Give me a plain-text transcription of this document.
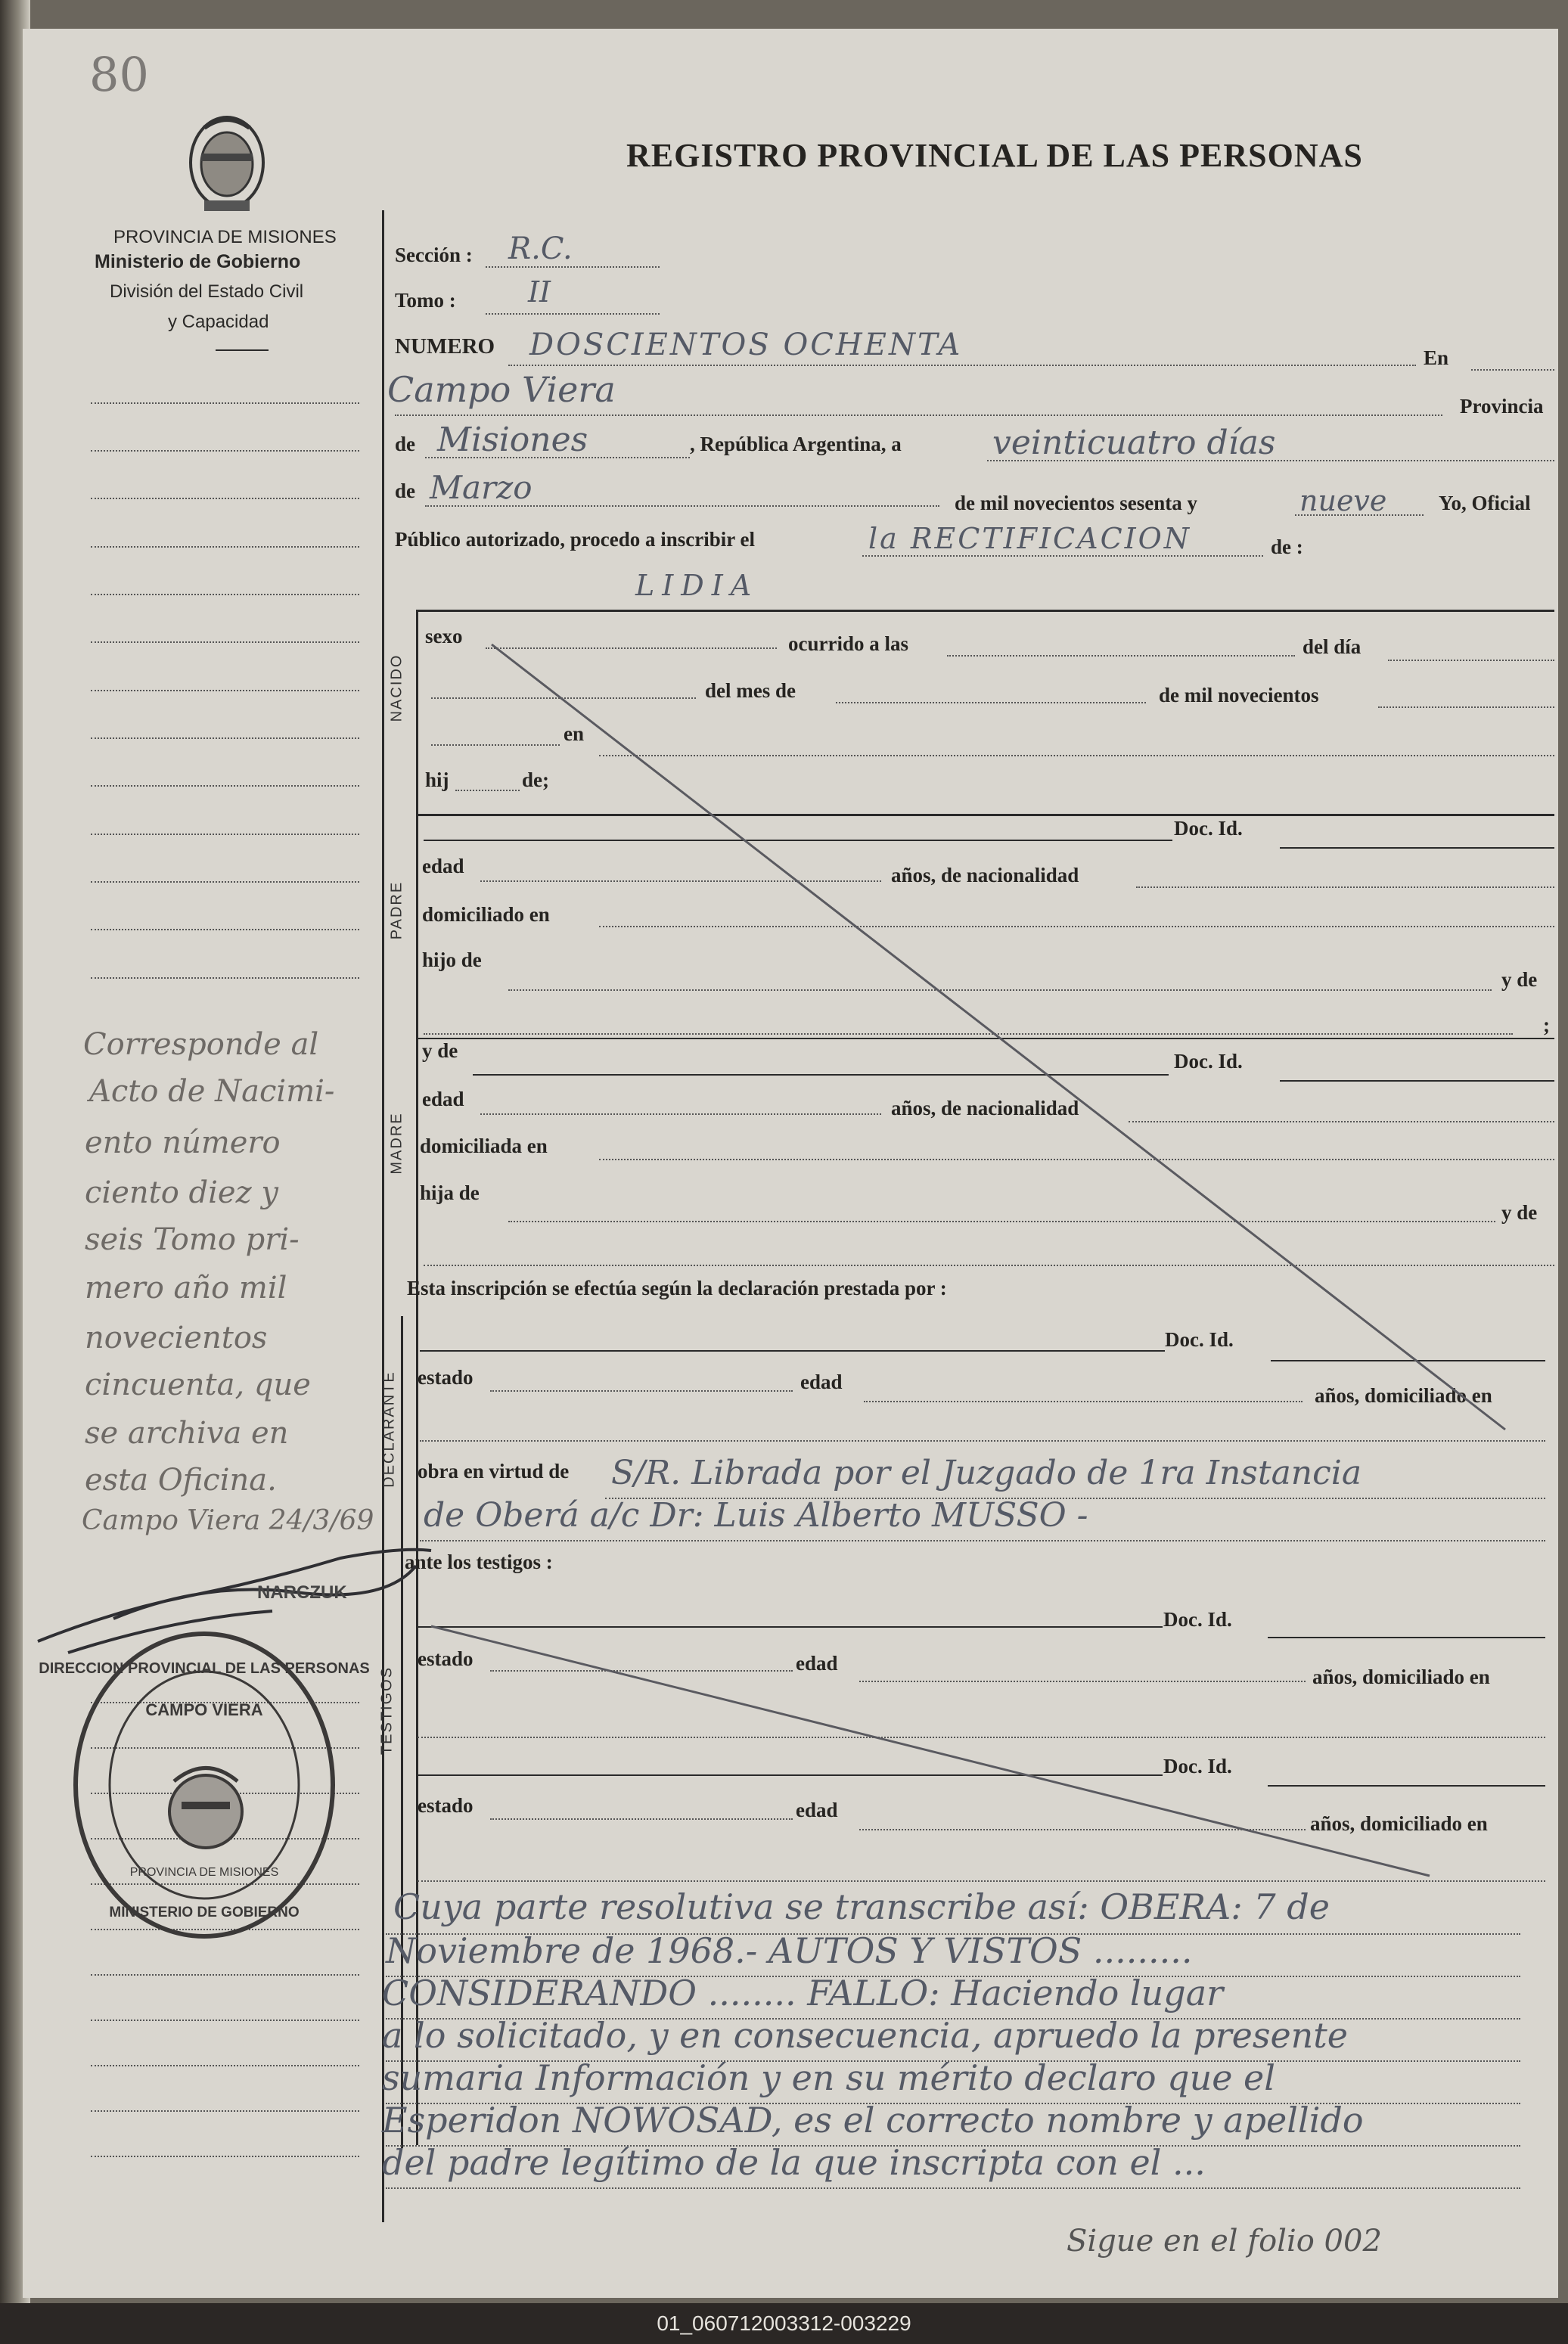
80
REGISTRO PROVINCIAL DE LAS PERSONAS
PROVINCIA DE MISIONES
Ministerio de Gobierno
División del Estado Civil
y Capacidad
Sección : R.C.
Tomo :	II
NUMERO DOSCIENTOS OCHENTA	En
Campo Viera	Provincia
de Misiones	, República Argentina, a	veinticuatro días
de Marzo	de mil novecientos sesenta y	nueve	Yo, Oficial
Público autorizado, procedo a inscribir el	la RECTIFICACION	de :
LIDIA
NACIDO
sexo	ocurrido a las	del día
del mes de	de mil novecientos
en
hij	de;
PADRE
Doc. Id.
edad	años, de nacionalidad
domiciliado en
hijo de
y de
;
MADRE
y de	Doc. Id.
edad	años, de nacionalidad
domiciliada en
hija de
y de
Esta inscripción se efectúa según la declaración prestada por :
DECLARANTE
Doc. Id.
estado	edad
años, domiciliado en
obra en virtud de S/R. Librada por el Juzgado de 1ra Instancia
de Oberá a/c Dr: Luis Alberto MUSSO -
ante los testigos :
TESTIGOS
Doc. Id.
estado	edad
años, domiciliado en
Doc. Id.
estado	edad
años, domiciliado en
Cuya parte resolutiva se transcribe así: OBERA: 7 de
Noviembre de 1968.- AUTOS Y VISTOS .........
CONSIDERANDO ........ FALLO: Haciendo lugar
a lo solicitado, y en consecuencia, apruedo la presente
sumaria Información y en su mérito declaro que el
Esperidon NOWOSAD, es el correcto nombre y apellido
del padre legítimo de la que inscripta con el ...
Sigue en el folio 002
Corresponde al
Acto de Nacimi-
ento número
ciento diez y
seis Tomo pri-
mero año mil
novecientos
cincuenta, que
se archiva en
esta Oficina.
Campo Viera 24/3/69
NARCZUK
DIRECCION PROVINCIAL DE LAS PERSONAS
CAMPO VIERA
PROVINCIA DE MISIONES
MINISTERIO DE GOBIERNO
01_060712003312-003229
